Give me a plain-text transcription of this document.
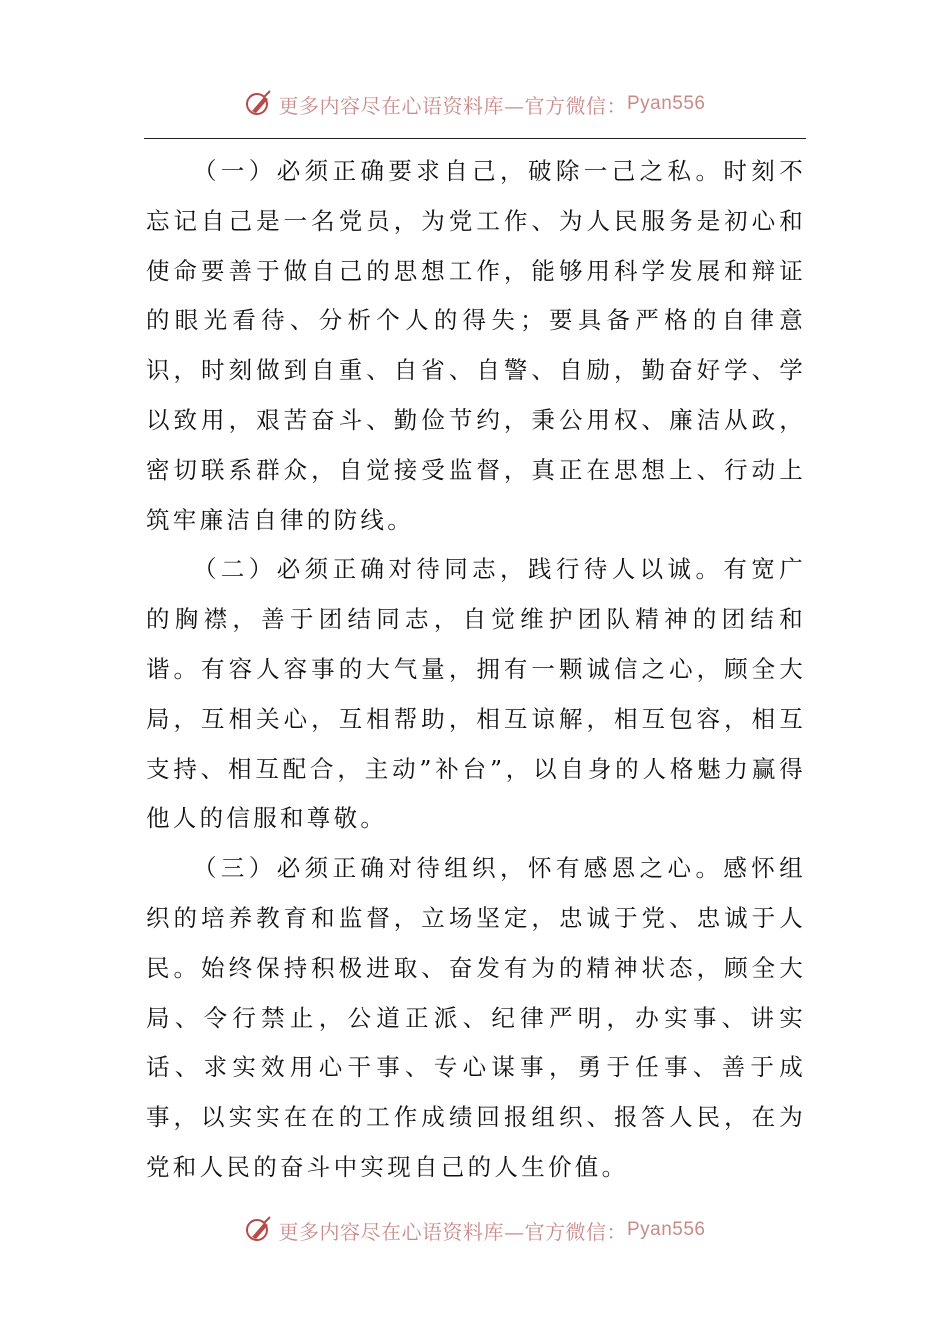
更多内容尽在心语资料库—官方微信： Pyan556

（一）必须正确要求自己，破除一己之私。时刻不忘记自己是一名党员，为党工作、为人民服务是初心和使命要善于做自己的思想工作，能够用科学发展和辩证的眼光看待、分析个人的得失；要具备严格的自律意识，时刻做到自重、自省、自警、自励，勤奋好学、学以致用，艰苦奋斗、勤俭节约，秉公用权、廉洁从政，密切联系群众，自觉接受监督，真正在思想上、行动上筑牢廉洁自律的防线。

（二）必须正确对待同志，践行待人以诚。有宽广的胸襟，善于团结同志，自觉维护团队精神的团结和谐。有容人容事的大气量，拥有一颗诚信之心，顾全大局，互相关心，互相帮助，相互谅解，相互包容，相互支持、相互配合，主动”补台”，以自身的人格魅力赢得他人的信服和尊敬。

（三）必须正确对待组织，怀有感恩之心。感怀组织的培养教育和监督，立场坚定，忠诚于党、忠诚于人民。始终保持积极进取、奋发有为的精神状态，顾全大局、令行禁止，公道正派、纪律严明，办实事、讲实话、求实效用心干事、专心谋事，勇于任事、善于成事，以实实在在的工作成绩回报组织、报答人民，在为党和人民的奋斗中实现自己的人生价值。

更多内容尽在心语资料库—官方微信： Pyan556
